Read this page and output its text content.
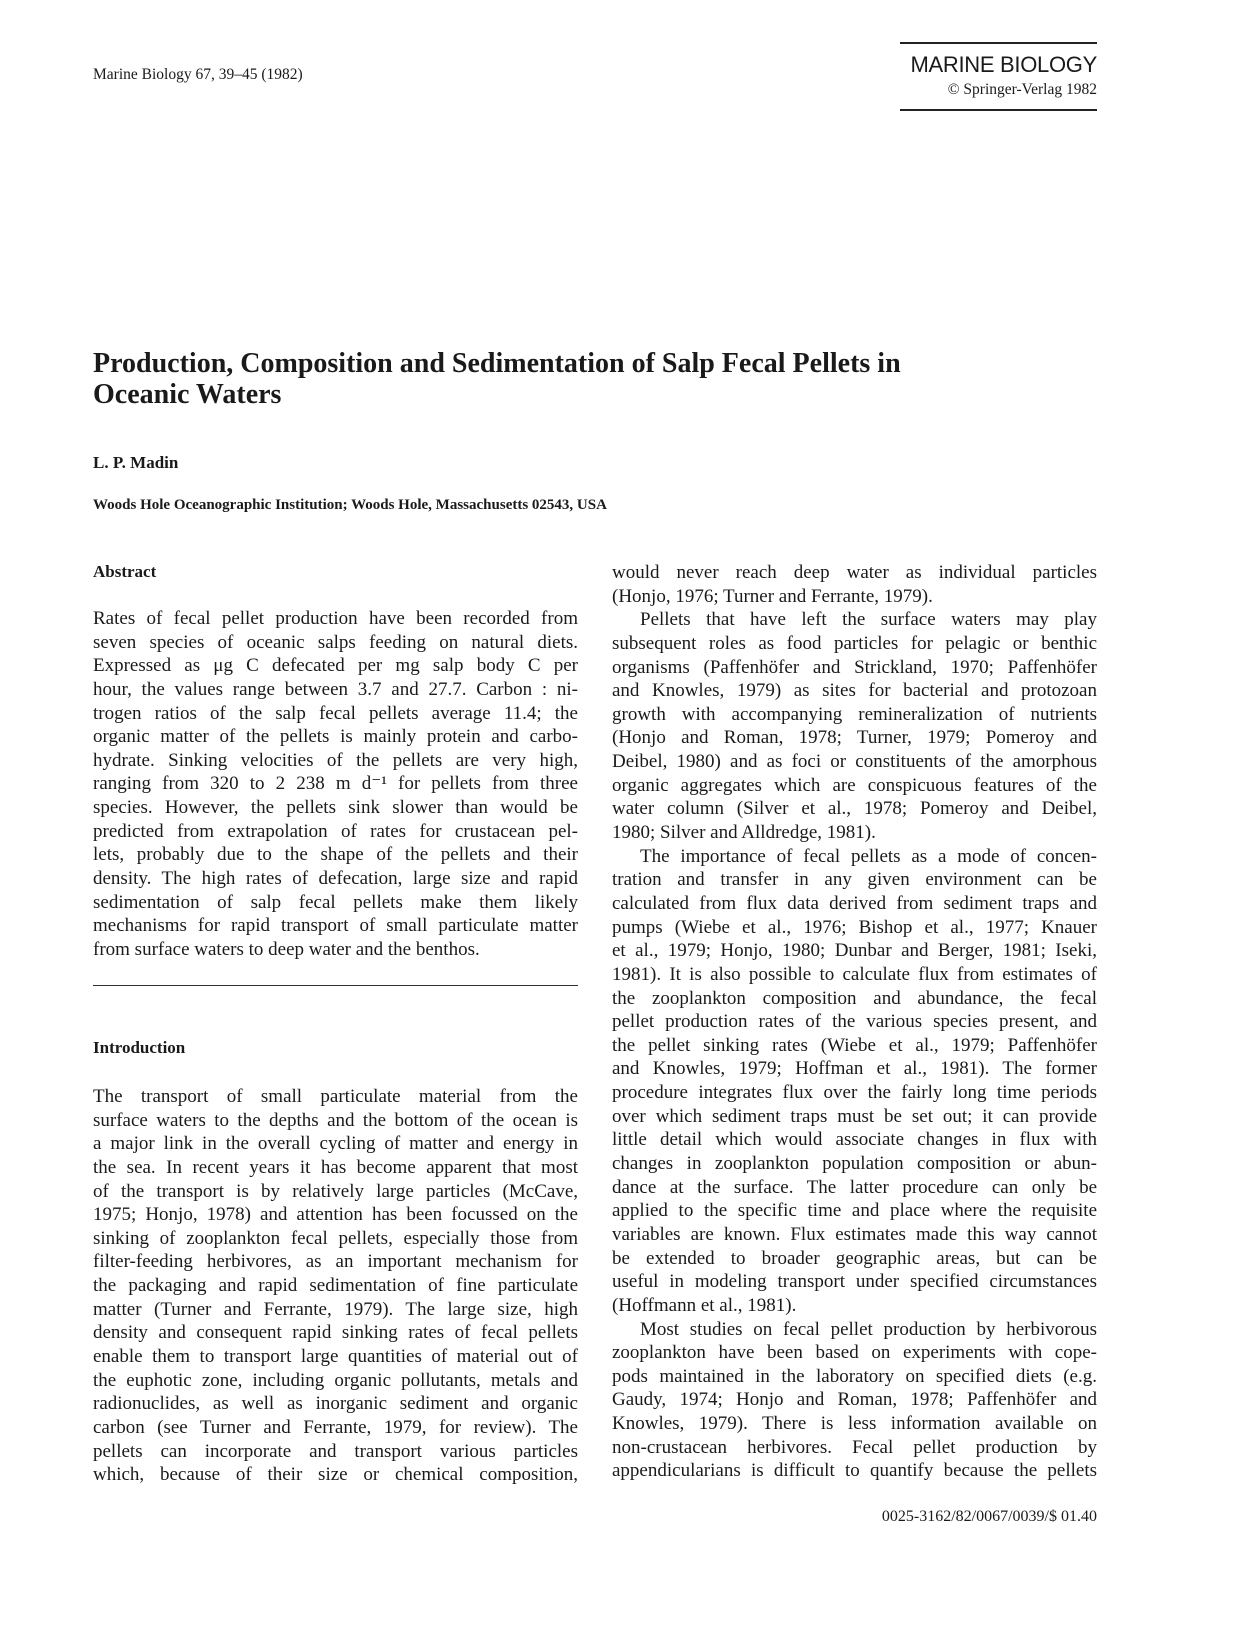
Marine Biology 67, 39–45 (1982)	MARINE BIOLOGY
© Springer-Verlag 1982
Production, Composition and Sedimentation of Salp Fecal Pellets in
Oceanic Waters
L. P. Madin
Woods Hole Oceanographic Institution; Woods Hole, Massachusetts 02543, USA
Abstract
Rates of fecal pellet production have been recorded from
seven species of oceanic salps feeding on natural diets.
Expressed as μg C defecated per mg salp body C per
hour, the values range between 3.7 and 27.7. Carbon : ni-
trogen ratios of the salp fecal pellets average 11.4; the
organic matter of the pellets is mainly protein and carbo-
hydrate. Sinking velocities of the pellets are very high,
ranging from 320 to 2 238 m d⁻¹ for pellets from three
species. However, the pellets sink slower than would be
predicted from extrapolation of rates for crustacean pel-
lets, probably due to the shape of the pellets and their
density. The high rates of defecation, large size and rapid
sedimentation of salp fecal pellets make them likely
mechanisms for rapid transport of small particulate matter
from surface waters to deep water and the benthos.
Introduction
The transport of small particulate material from the
surface waters to the depths and the bottom of the ocean is
a major link in the overall cycling of matter and energy in
the sea. In recent years it has become apparent that most
of the transport is by relatively large particles (McCave,
1975; Honjo, 1978) and attention has been focussed on the
sinking of zooplankton fecal pellets, especially those from
filter-feeding herbivores, as an important mechanism for
the packaging and rapid sedimentation of fine particulate
matter (Turner and Ferrante, 1979). The large size, high
density and consequent rapid sinking rates of fecal pellets
enable them to transport large quantities of material out of
the euphotic zone, including organic pollutants, metals and
radionuclides, as well as inorganic sediment and organic
carbon (see Turner and Ferrante, 1979, for review). The
pellets can incorporate and transport various particles
which, because of their size or chemical composition,
would never reach deep water as individual particles
(Honjo, 1976; Turner and Ferrante, 1979).
Pellets that have left the surface waters may play
subsequent roles as food particles for pelagic or benthic
organisms (Paffenhöfer and Strickland, 1970; Paffenhöfer
and Knowles, 1979) as sites for bacterial and protozoan
growth with accompanying remineralization of nutrients
(Honjo and Roman, 1978; Turner, 1979; Pomeroy and
Deibel, 1980) and as foci or constituents of the amorphous
organic aggregates which are conspicuous features of the
water column (Silver et al., 1978; Pomeroy and Deibel,
1980; Silver and Alldredge, 1981).
The importance of fecal pellets as a mode of concen-
tration and transfer in any given environment can be
calculated from flux data derived from sediment traps and
pumps (Wiebe et al., 1976; Bishop et al., 1977; Knauer
et al., 1979; Honjo, 1980; Dunbar and Berger, 1981; Iseki,
1981). It is also possible to calculate flux from estimates of
the zooplankton composition and abundance, the fecal
pellet production rates of the various species present, and
the pellet sinking rates (Wiebe et al., 1979; Paffenhöfer
and Knowles, 1979; Hoffman et al., 1981). The former
procedure integrates flux over the fairly long time periods
over which sediment traps must be set out; it can provide
little detail which would associate changes in flux with
changes in zooplankton population composition or abun-
dance at the surface. The latter procedure can only be
applied to the specific time and place where the requisite
variables are known. Flux estimates made this way cannot
be extended to broader geographic areas, but can be
useful in modeling transport under specified circumstances
(Hoffmann et al., 1981).
Most studies on fecal pellet production by herbivorous
zooplankton have been based on experiments with cope-
pods maintained in the laboratory on specified diets (e.g.
Gaudy, 1974; Honjo and Roman, 1978; Paffenhöfer and
Knowles, 1979). There is less information available on
non-crustacean herbivores. Fecal pellet production by
appendicularians is difficult to quantify because the pellets
0025-3162/82/0067/0039/$ 01.40
